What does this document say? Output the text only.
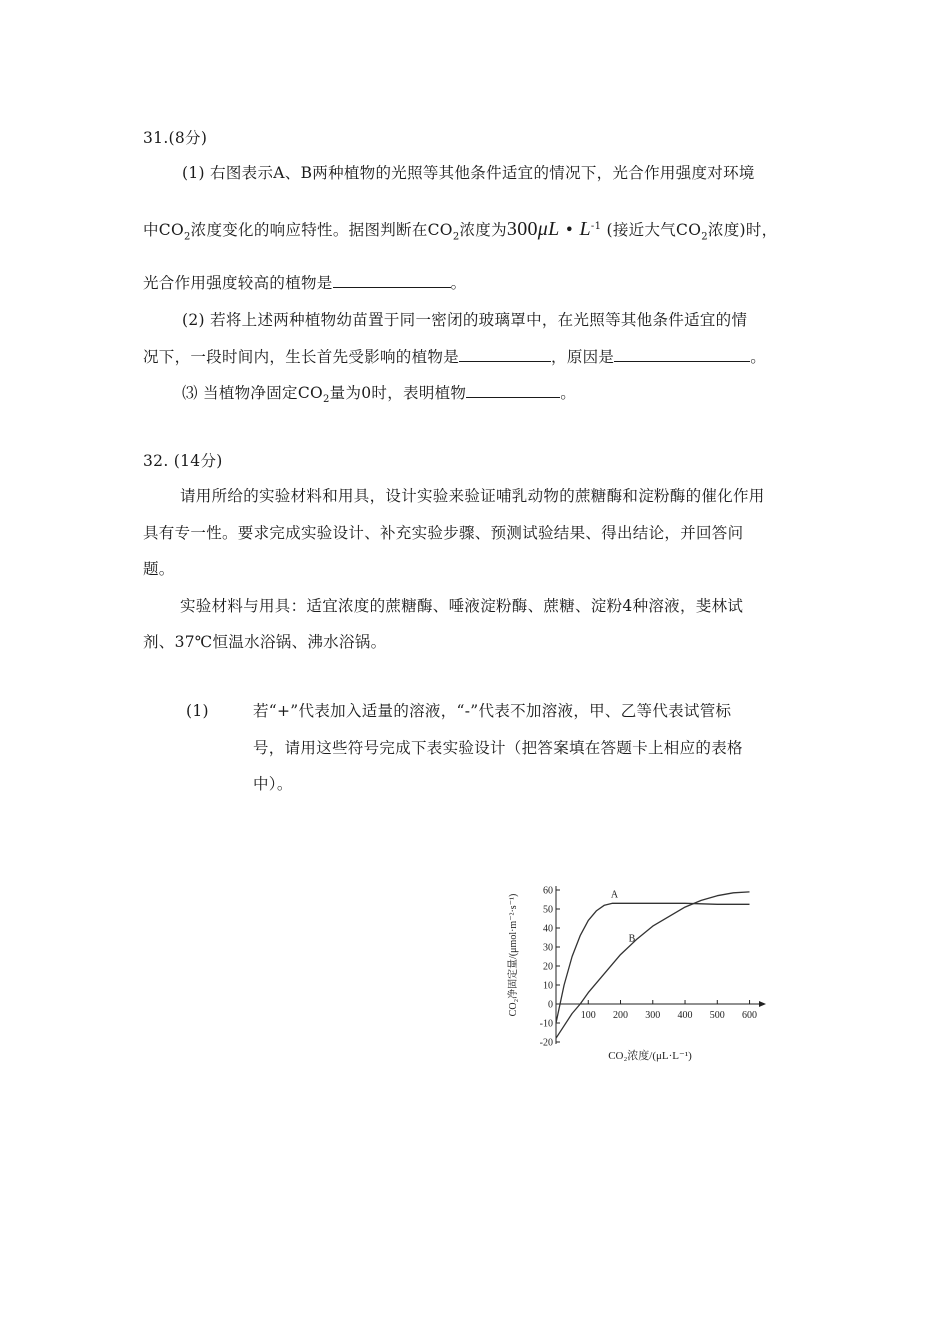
31.(8分)
(1) 右图表示A、B两种植物的光照等其他条件适宜的情况下，光合作用强度对环境
中$CO_2$浓度变化的响应特性。据图判断在$CO_2$浓度为300μL • $L^{-1}$ (接近大气$CO_2$浓度)时，
光合作用强度较高的植物是	。
(2) 若将上述两种植物幼苗置于同一密闭的玻璃罩中，在光照等其他条件适宜的情
况下，一段时间内，生长首先受影响的植物是	，原因是	。
⑶ 当植物净固定$CO_2$量为0时，表明植物	。
32. (14分)
请用所给的实验材料和用具，设计实验来验证哺乳动物的蔗糖酶和淀粉酶的催化作用
具有专一性。要求完成实验设计、补充实验步骤、预测试验结果、得出结论，并回答问
题。
实验材料与用具：适宜浓度的蔗糖酶、唾液淀粉酶、蔗糖、淀粉4种溶液，斐林试
剂、37℃恒温水浴锅、沸水浴锅。
(1)	若“+”代表加入适量的溶液，“-”代表不加溶液，甲、乙等代表试管标
号，请用这些符号完成下表实验设计（把答案填在答题卡上相应的表格
中）。
-20
-10
0
10
20
30
40
50
60
100 200 300 400 500 600
A
B
CO₂浓度/(μL·L⁻¹)
CO₂净固定量/(μmol·m⁻²·s⁻¹)
